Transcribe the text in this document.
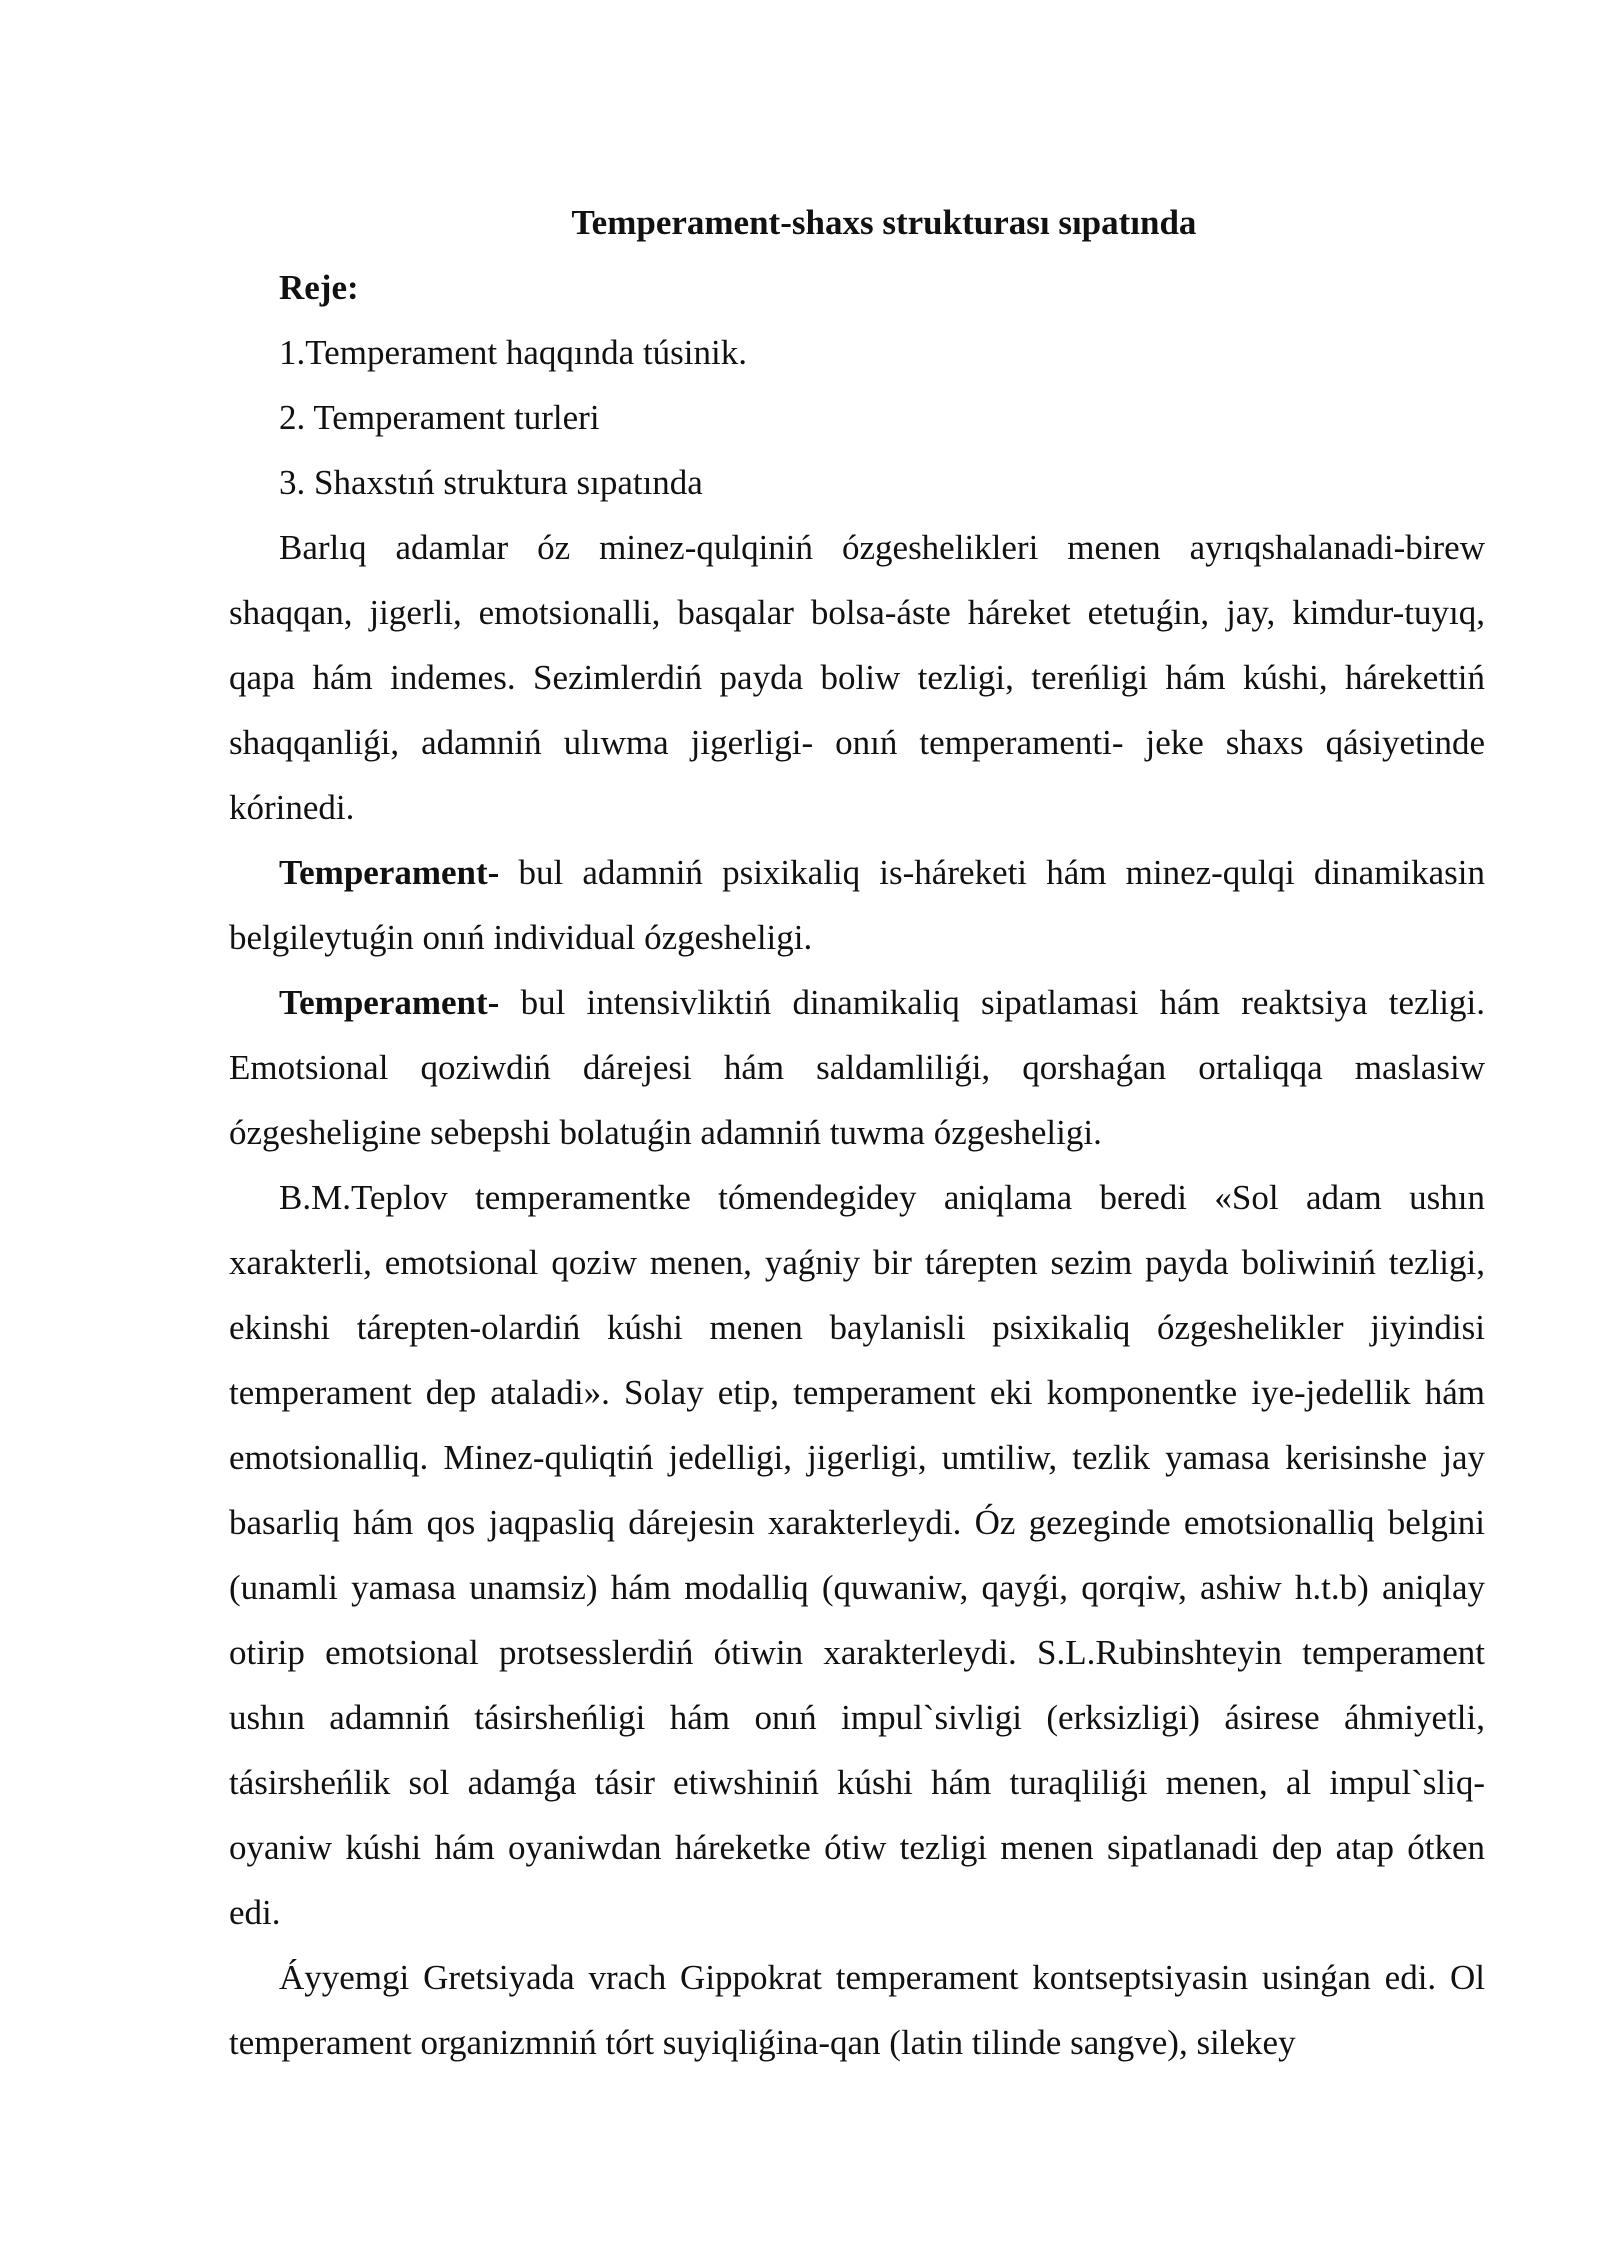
Temperament-shaxs strukturası sıpatında

Reje:

1.Temperament haqqında túsinik.

2. Temperament turleri

3. Shaxstıń struktura sıpatında

Barlıq adamlar óz minez-qulqiniń ózgeshelikleri menen ayrıqshalanadi-birew shaqqan, jigerli, emotsionalli, basqalar bolsa-áste háreket etetuǵin, jay, kimdur-tuyıq, qapa hám indemes. Sezimlerdiń payda boliw tezligi, tereńligi hám kúshi, hárekettiń shaqqanliǵi, adamniń ulıwma jigerligi- onıń temperamenti- jeke shaxs qásiyetinde kórinedi.

Temperament- bul adamniń psixikaliq is-háreketi hám minez-qulqi dinamikasin belgileytuǵin onıń individual ózgesheligi.

Temperament- bul intensivliktiń dinamikaliq sipatlamasi hám reaktsiya tezligi. Emotsional qoziwdiń dárejesi hám saldamliliǵi, qorshaǵan ortaliqqa maslasiw ózgesheligine sebepshi bolatuǵin adamniń tuwma ózgesheligi.

B.M.Teplov temperamentke tómendegidey aniqlama beredi «Sol adam ushın xarakterli, emotsional qoziw menen, yaǵniy bir tárepten sezim payda boliwiniń tezligi, ekinshi tárepten-olardiń kúshi menen baylanisli psixikaliq ózgeshelikler jiyindisi temperament dep ataladi». Solay etip, temperament eki komponentke iye-jedellik hám emotsionalliq. Minez-quliqtiń jedelligi, jigerligi, umtiliw, tezlik yamasa kerisinshe jay basarliq hám qos jaqpasliq dárejesin xarakterleydi. Óz gezeginde emotsionalliq belgini (unamli yamasa unamsiz) hám modalliq (quwaniw, qayǵi, qorqiw, ashiw h.t.b) aniqlay otirip emotsional protsesslerdiń ótiwin xarakterleydi. S.L.Rubinshteyin temperament ushın adamniń tásirsheńligi hám onıń impul`sivligi (erksizligi) ásirese áhmiyetli, tásirsheńlik sol adamǵa tásir etiwshiniń kúshi hám turaqliliǵi menen, al impul`sliq-oyaniw kúshi hám oyaniwdan háreketke ótiw tezligi menen sipatlanadi dep atap ótken edi.

Áyyemgi Gretsiyada vrach Gippokrat temperament kontseptsiyasin usinǵan edi. Ol temperament organizmniń tórt suyiqliǵina-qan (latin tilinde sangve), silekey
